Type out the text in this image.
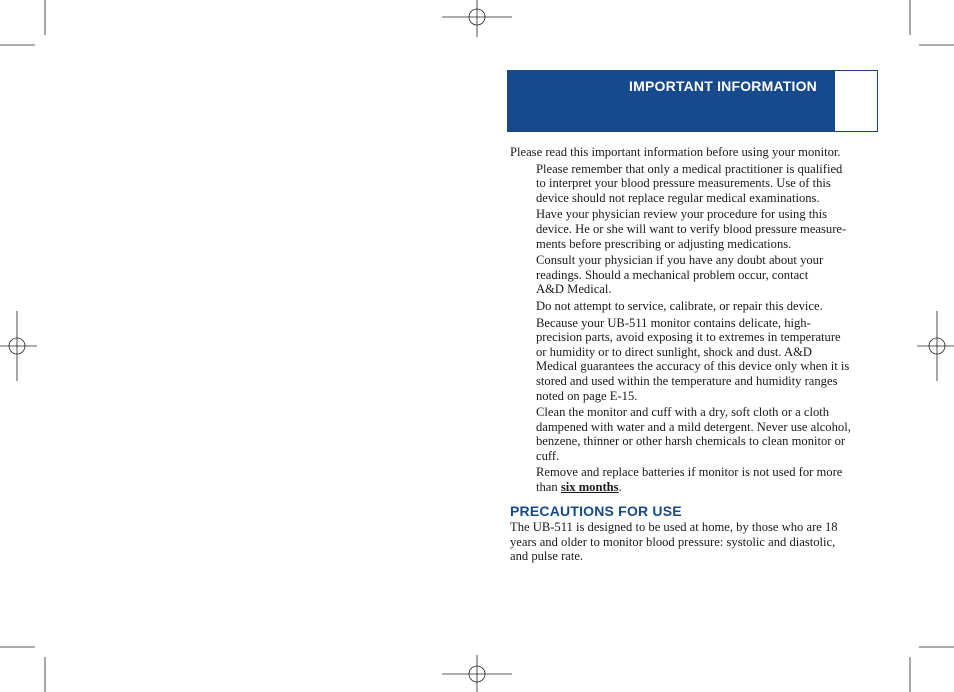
IMPORTANT INFORMATION

Please read this important information before using your monitor.

Please remember that only a medical practitioner is qualified
to interpret your blood pressure measurements. Use of this
device should not replace regular medical examinations.
Have your physician review your procedure for using this
device. He or she will want to verify blood pressure measure-
ments before prescribing or adjusting medications.
Consult your physician if you have any doubt about your
readings. Should a mechanical problem occur, contact
A&D Medical.
Do not attempt to service, calibrate, or repair this device.
Because your UB-511 monitor contains delicate, high-
precision parts, avoid exposing it to extremes in temperature
or humidity or to direct sunlight, shock and dust. A&D
Medical guarantees the accuracy of this device only when it is
stored and used within the temperature and humidity ranges
noted on page E-15.
Clean the monitor and cuff with a dry, soft cloth or a cloth
dampened with water and a mild detergent. Never use alcohol,
benzene, thinner or other harsh chemicals to clean monitor or
cuff.
Remove and replace batteries if monitor is not used for more
than six months.
PRECAUTIONS FOR USE

The UB-511 is designed to be used at home, by those who are 18
years and older to monitor blood pressure: systolic and diastolic,
and pulse rate.
